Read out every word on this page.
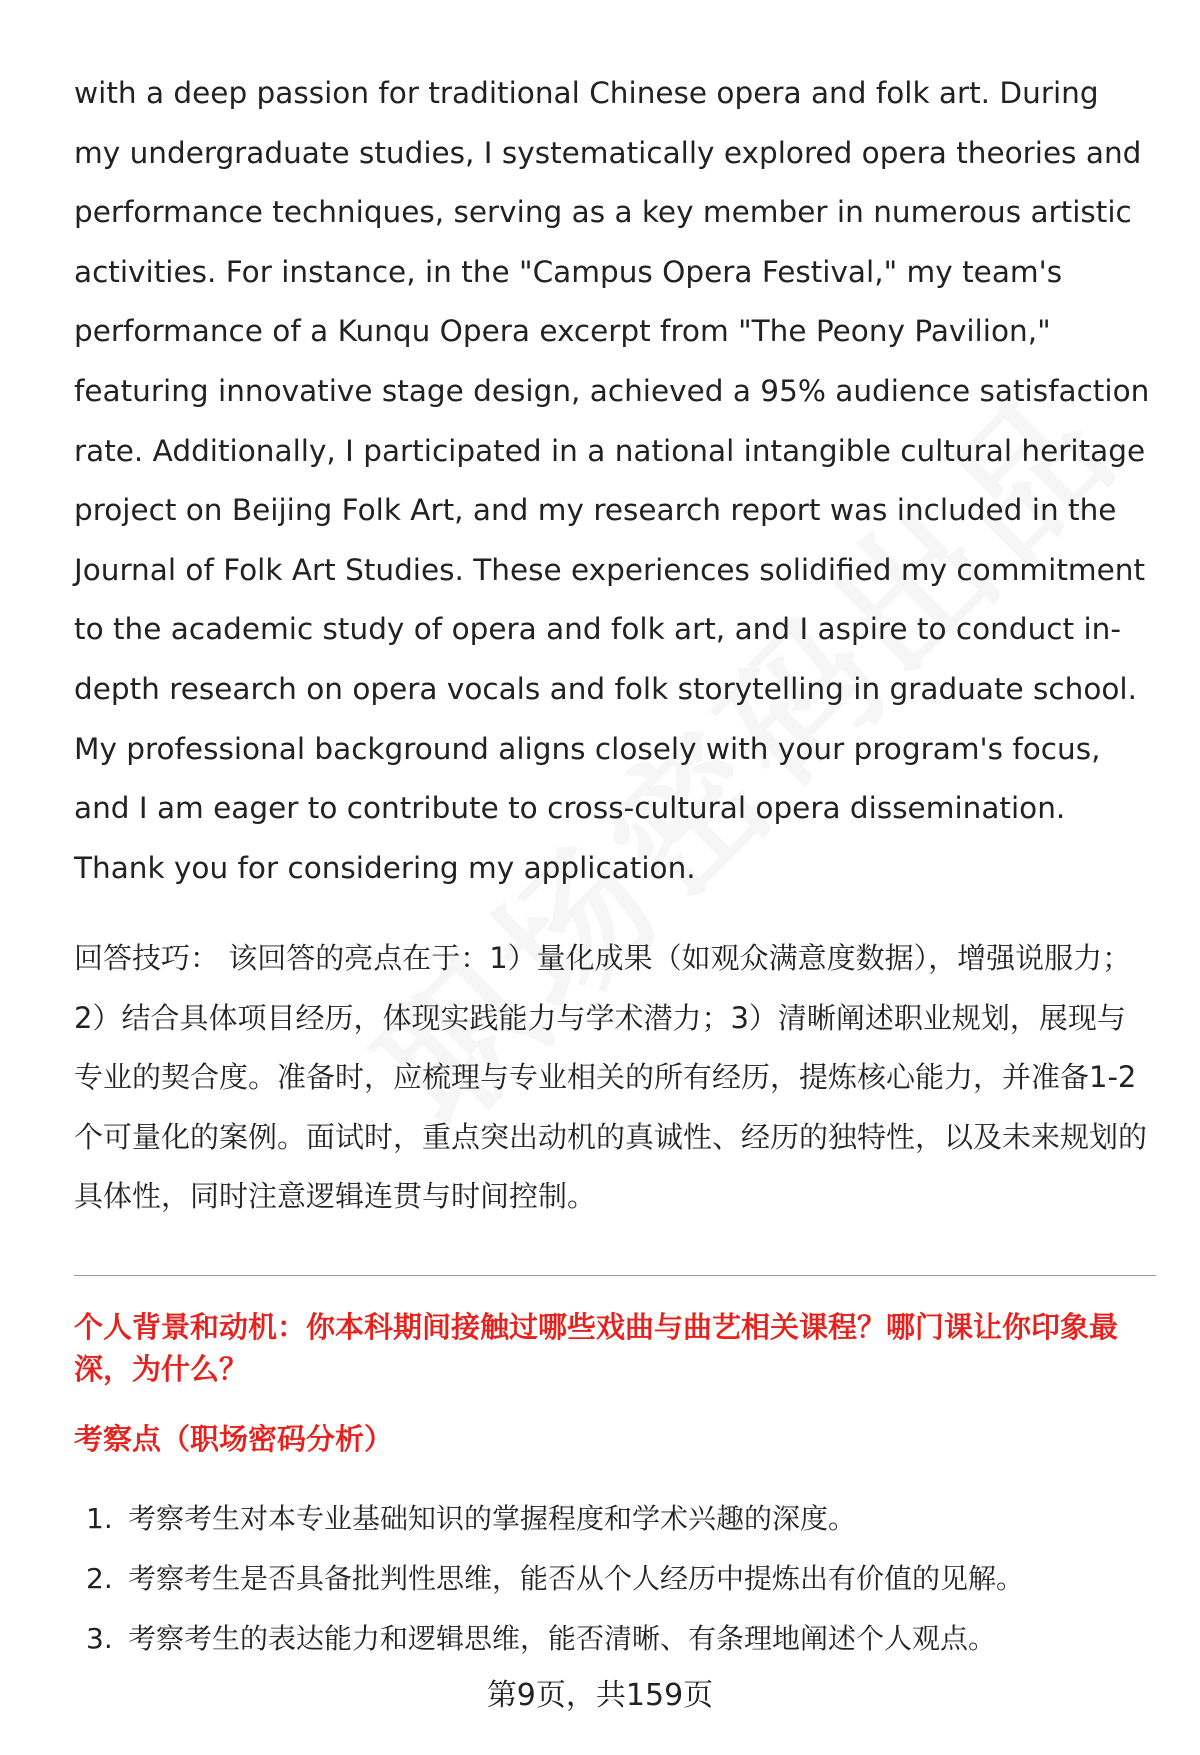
with a deep passion for traditional Chinese opera and folk art. During my undergraduate studies, I systematically explored opera theories and performance techniques, serving as a key member in numerous artistic activities. For instance, in the "Campus Opera Festival," my team's performance of a Kunqu Opera excerpt from "The Peony Pavilion," featuring innovative stage design, achieved a 95% audience satisfaction rate. Additionally, I participated in a national intangible cultural heritage project on Beijing Folk Art, and my research report was included in the Journal of Folk Art Studies. These experiences solidified my commitment to the academic study of opera and folk art, and I aspire to conduct in-depth research on opera vocals and folk storytelling in graduate school. My professional background aligns closely with your program's focus, and I am eager to contribute to cross-cultural opera dissemination. Thank you for considering my application.

回答技巧： 该回答的亮点在于：1）量化成果（如观众满意度数据），增强说服力；2）结合具体项目经历，体现实践能力与学术潜力；3）清晰阐述职业规划，展现与专业的契合度。准备时，应梳理与专业相关的所有经历，提炼核心能力，并准备1-2个可量化的案例。面试时，重点突出动机的真诚性、经历的独特性，以及未来规划的具体性，同时注意逻辑连贯与时间控制。

个人背景和动机：你本科期间接触过哪些戏曲与曲艺相关课程？哪门课让你印象最深，为什么？

考察点（职场密码分析）

1. 考察考生对本专业基础知识的掌握程度和学术兴趣的深度。
2. 考察考生是否具备批判性思维，能否从个人经历中提炼出有价值的见解。
3. 考察考生的表达能力和逻辑思维，能否清晰、有条理地阐述个人观点。
第9页，共159页
